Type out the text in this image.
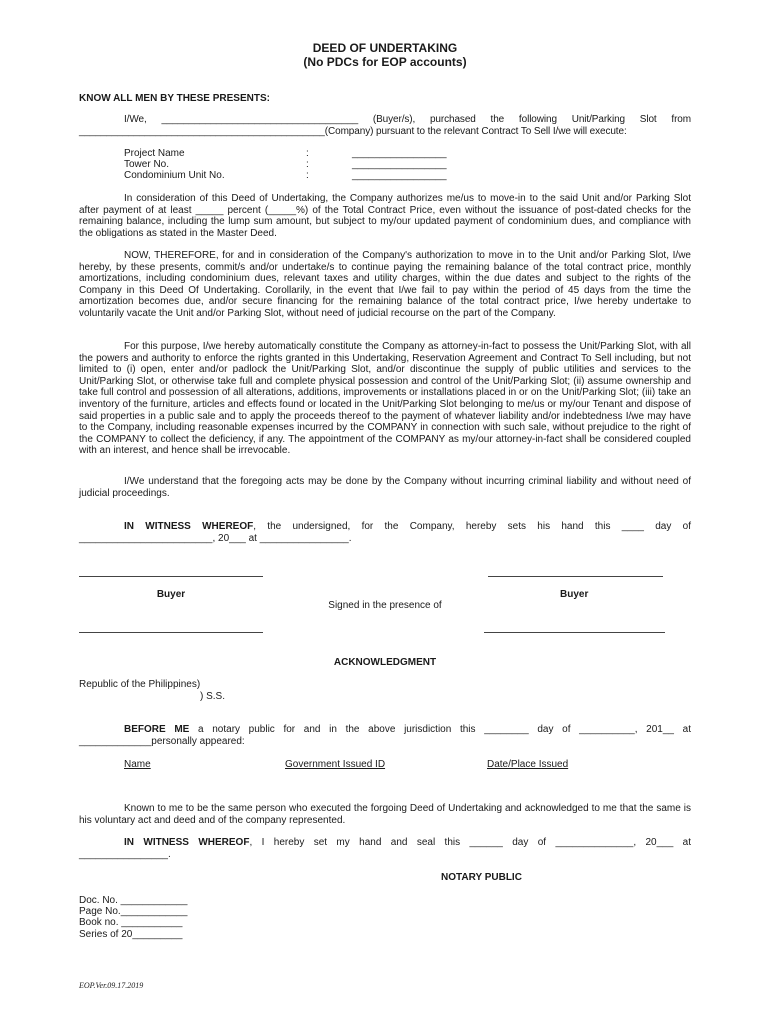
DEED OF UNDERTAKING
(No PDCs for EOP accounts)
KNOW ALL MEN BY THESE PRESENTS:
I/We, ____________________________________ (Buyer/s), purchased the following Unit/Parking Slot from
_____________________________________________(Company) pursuant to the relevant Contract To Sell I/we will execute:
Project Name	:	_________________
Tower No.	:	_________________
Condominium Unit No.	:	_________________
In consideration of this Deed of Undertaking, the Company authorizes me/us to move-in to the said Unit and/or Parking Slot after payment of at least _____ percent (_____%) of the Total Contract Price, even without the issuance of post-dated checks for the remaining balance, including the lump sum amount, but subject to my/our updated payment of condominium dues, and compliance with the obligations as stated in the Master Deed.
NOW, THEREFORE, for and in consideration of the Company's authorization to move in to the Unit and/or Parking Slot, I/we hereby, by these presents, commit/s and/or undertake/s to continue paying the remaining balance of the total contract price, monthly amortizations, including condominium dues, relevant taxes and utility charges, within the due dates and subject to the rights of the Company in this Deed Of Undertaking. Corollarily, in the event that I/we fail to pay within the period of 45 days from the time the amortization becomes due, and/or secure financing for the remaining balance of the total contract price, I/we hereby undertake to voluntarily vacate the Unit and/or Parking Slot, without need of judicial recourse on the part of the Company.
For this purpose, I/we hereby automatically constitute the Company as attorney-in-fact to possess the Unit/Parking Slot, with all the powers and authority to enforce the rights granted in this Undertaking, Reservation Agreement and Contract To Sell including, but not limited to (i) open, enter and/or padlock the Unit/Parking Slot, and/or discontinue the supply of public utilities and services to the Unit/Parking Slot, or otherwise take full and complete physical possession and control of the Unit/Parking Slot; (ii) assume ownership and take full control and possession of all alterations, additions, improvements or installations placed in or on the Unit/Parking Slot; (iii) take an inventory of the furniture, articles and effects found or located in the Unit/Parking Slot belonging to me/us or my/our Tenant and dispose of said properties in a public sale and to apply the proceeds thereof to the payment of whatever liability and/or indebtedness I/we may have to the Company, including reasonable expenses incurred by the COMPANY in connection with such sale, without prejudice to the right of the COMPANY to collect the deficiency, if any. The appointment of the COMPANY as my/our attorney-in-fact shall be considered coupled with an interest, and hence shall be irrevocable.
I/We understand that the foregoing acts may be done by the Company without incurring criminal liability and without need of judicial proceedings.
IN WITNESS WHEREOF, the undersigned, for the Company, hereby sets his hand this ____ day of
________________________, 20___ at ________________.
Buyer	Buyer
Signed in the presence of
ACKNOWLEDGMENT
Republic of the Philippines)
) S.S.
BEFORE ME a notary public for and in the above jurisdiction this ________ day of __________, 201__ at
_____________personally appeared:
Name	Government Issued ID	Date/Place Issued
Known to me to be the same person who executed the forgoing Deed of Undertaking and acknowledged to me that the same is his voluntary act and deed and of the company represented.
IN WITNESS WHEREOF, I hereby set my hand and seal this ______ day of ______________, 20___ at
________________.
NOTARY PUBLIC
Doc. No. ____________
Page No.____________
Book no. ___________
Series of 20_________
EOP.Ver.09.17.2019
